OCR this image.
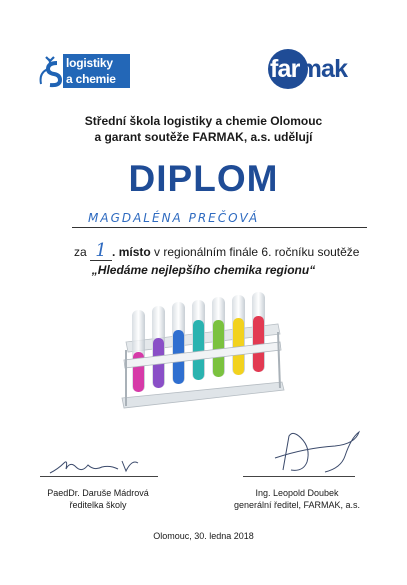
logistiky
a chemie	farmak
Střední škola logistiky a chemie Olomouc
a garant soutěže FARMAK, a.s. udělují
DIPLOM
MAGDALÉNA PREČOVÁ
za 1 . místo v regionálním finále 6. ročníku soutěže
„Hledáme nejlepšího chemika regionu“
PaedDr. Daruše Mádrová
ředitelka školy
Ing. Leopold Doubek
generální ředitel, FARMAK, a.s.
Olomouc, 30. ledna 2018
